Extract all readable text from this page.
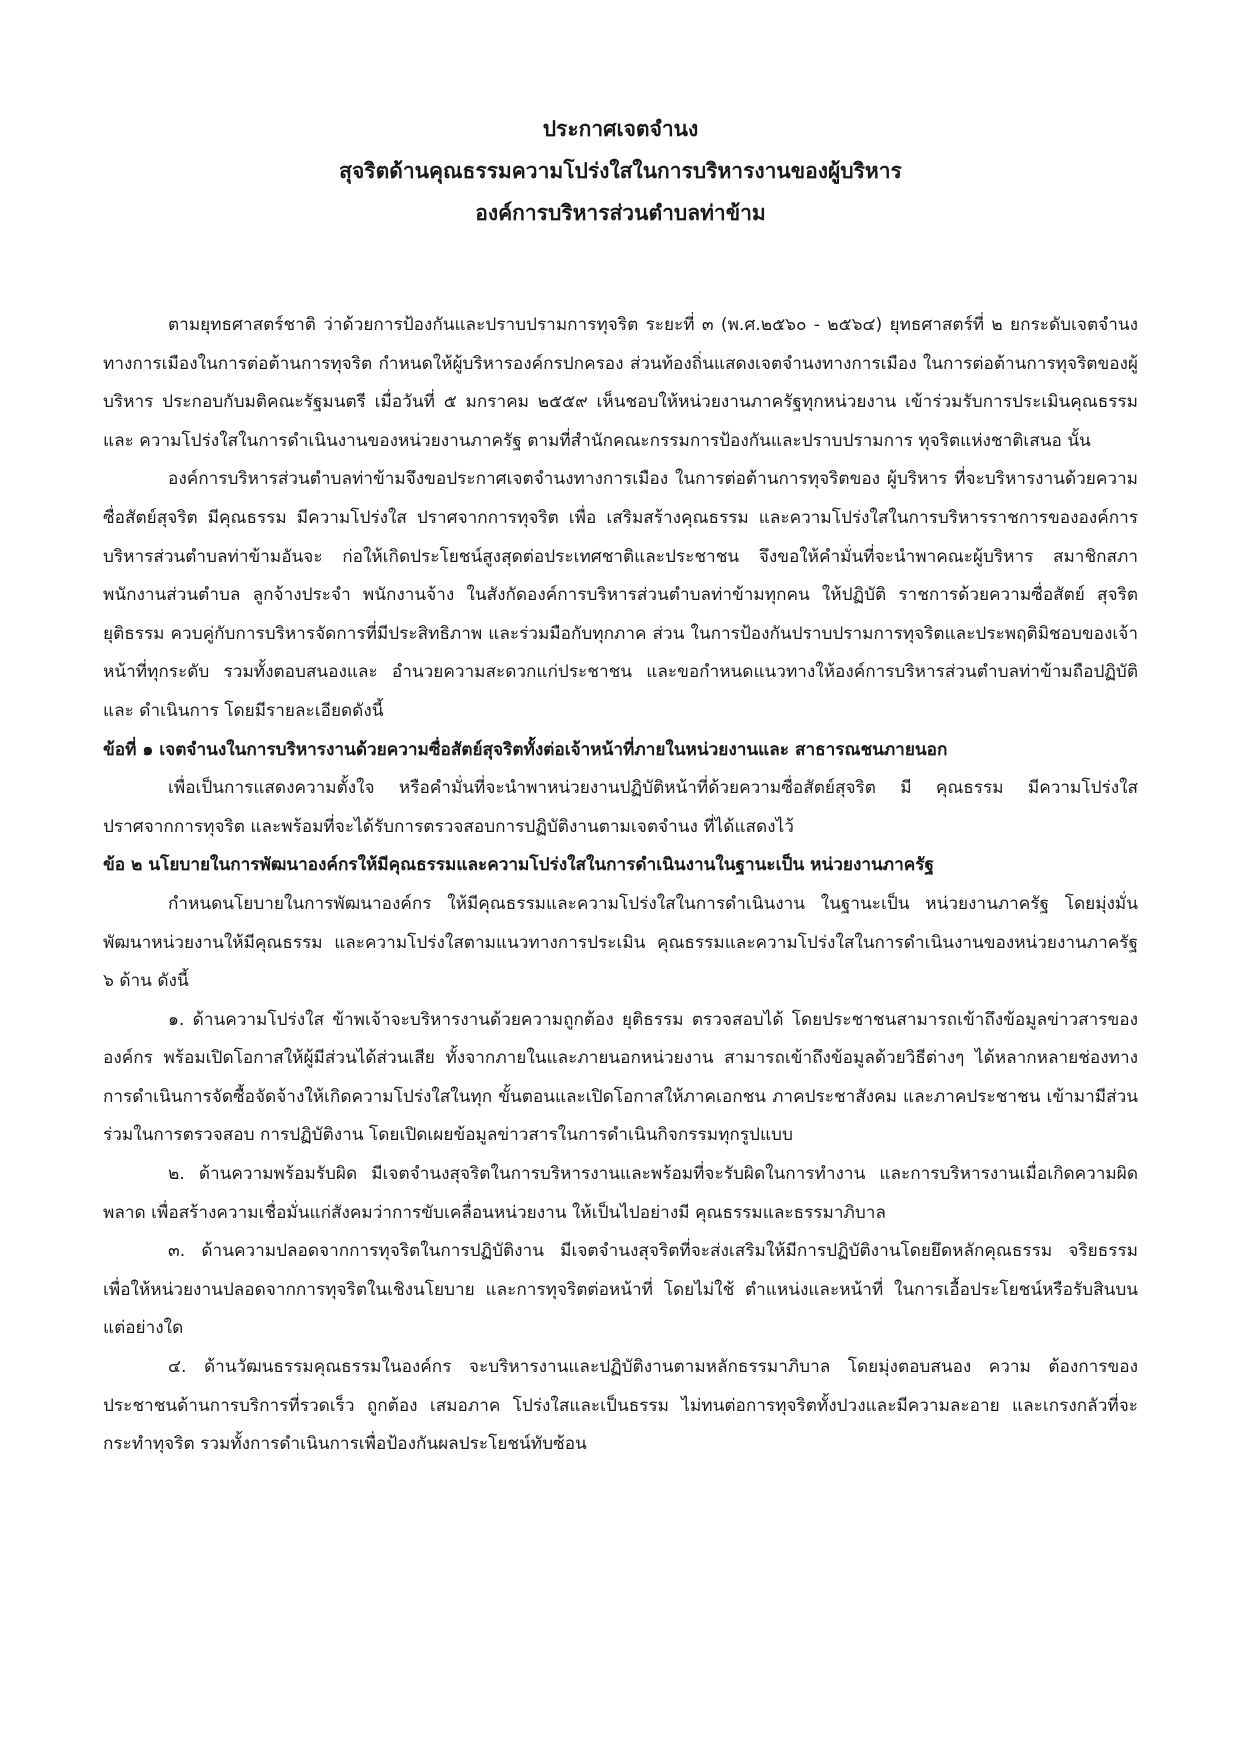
ประกาศเจตจำนง
สุจริตด้านคุณธรรมความโปร่งใสในการบริหารงานของผู้บริหาร
องค์การบริหารส่วนตำบลท่าข้าม

ตามยุทธศาสตร์ชาติ ว่าด้วยการป้องกันและปราบปรามการทุจริต ระยะที่ ๓ (พ.ศ.๒๕๖๐ - ๒๕๖๔) ยุทธศาสตร์ที่ ๒ ยกระดับเจตจำนงทางการเมืองในการต่อต้านการทุจริต กำหนดให้ผู้บริหารองค์กรปกครอง ส่วนท้องถิ่นแสดงเจตจำนงทางการเมือง ในการต่อต้านการทุจริตของผู้บริหาร ประกอบกับมติคณะรัฐมนตรี เมื่อวันที่ ๕ มกราคม ๒๕๕๙ เห็นชอบให้หน่วยงานภาครัฐทุกหน่วยงาน เข้าร่วมรับการประเมินคุณธรรม และ ความโปร่งใสในการดำเนินงานของหน่วยงานภาครัฐ ตามที่สำนักคณะกรรมการป้องกันและปราบปรามการ ทุจริตแห่งชาติเสนอ นั้น

องค์การบริหารส่วนตำบลท่าข้ามจึงขอประกาศเจตจำนงทางการเมือง ในการต่อต้านการทุจริตของ ผู้บริหาร ที่จะบริหารงานด้วยความซื่อสัตย์สุจริต มีคุณธรรม มีความโปร่งใส ปราศจากการทุจริต เพื่อ เสริมสร้างคุณธรรม และความโปร่งใสในการบริหารราชการขององค์การบริหารส่วนตำบลท่าข้ามอันจะ ก่อให้เกิดประโยชน์สูงสุดต่อประเทศชาติและประชาชน จึงขอให้คำมั่นที่จะนำพาคณะผู้บริหาร สมาชิกสภา พนักงานส่วนตำบล ลูกจ้างประจำ พนักงานจ้าง ในสังกัดองค์การบริหารส่วนตำบลท่าข้ามทุกคน ให้ปฏิบัติ ราชการด้วยความซื่อสัตย์ สุจริต ยุติธรรม ควบคู่กับการบริหารจัดการที่มีประสิทธิภาพ และร่วมมือกับทุกภาค ส่วน ในการป้องกันปราบปรามการทุจริตและประพฤติมิชอบของเจ้าหน้าที่ทุกระดับ รวมทั้งตอบสนองและ อำนวยความสะดวกแก่ประชาชน และขอกำหนดแนวทางให้องค์การบริหารส่วนตำบลท่าข้ามถือปฏิบัติและ ดำเนินการ โดยมีรายละเอียดดังนี้

ข้อที่ ๑ เจตจำนงในการบริหารงานด้วยความซื่อสัตย์สุจริตทั้งต่อเจ้าหน้าที่ภายในหน่วยงานและ สาธารณชนภายนอก

เพื่อเป็นการแสดงความตั้งใจ หรือคำมั่นที่จะนำพาหน่วยงานปฏิบัติหน้าที่ด้วยความซื่อสัตย์สุจริต มี คุณธรรม มีความโปร่งใส ปราศจากการทุจริต และพร้อมที่จะได้รับการตรวจสอบการปฏิบัติงานตามเจตจำนง ที่ได้แสดงไว้

ข้อ ๒ นโยบายในการพัฒนาองค์กรให้มีคุณธรรมและความโปร่งใสในการดำเนินงานในฐานะเป็น หน่วยงานภาครัฐ

กำหนดนโยบายในการพัฒนาองค์กร ให้มีคุณธรรมและความโปร่งใสในการดำเนินงาน ในฐานะเป็น หน่วยงานภาครัฐ โดยมุ่งมั่นพัฒนาหน่วยงานให้มีคุณธรรม และความโปร่งใสตามแนวทางการประเมิน คุณธรรมและความโปร่งใสในการดำเนินงานของหน่วยงานภาครัฐ ๖ ด้าน ดังนี้

๑. ด้านความโปร่งใส ข้าพเจ้าจะบริหารงานด้วยความถูกต้อง ยุติธรรม ตรวจสอบได้ โดยประชาชนสามารถเข้าถึงข้อมูลข่าวสารขององค์กร พร้อมเปิดโอกาสให้ผู้มีส่วนได้ส่วนเสีย ทั้งจากภายในและภายนอกหน่วยงาน สามารถเข้าถึงข้อมูลด้วยวิธีต่างๆ ได้หลากหลายช่องทาง การดำเนินการจัดซื้อจัดจ้างให้เกิดความโปร่งใสในทุก ขั้นตอนและเปิดโอกาสให้ภาคเอกชน ภาคประชาสังคม และภาคประชาชน เข้ามามีส่วนร่วมในการตรวจสอบ การปฏิบัติงาน โดยเปิดเผยข้อมูลข่าวสารในการดำเนินกิจกรรมทุกรูปแบบ

๒. ด้านความพร้อมรับผิด มีเจตจำนงสุจริตในการบริหารงานและพร้อมที่จะรับผิดในการทำงาน และการบริหารงานเมื่อเกิดความผิดพลาด เพื่อสร้างความเชื่อมั่นแก่สังคมว่าการขับเคลื่อนหน่วยงาน ให้เป็นไปอย่างมี คุณธรรมและธรรมาภิบาล

๓. ด้านความปลอดจากการทุจริตในการปฏิบัติงาน มีเจตจำนงสุจริตที่จะส่งเสริมให้มีการปฏิบัติงานโดยยึดหลักคุณธรรม จริยธรรม เพื่อให้หน่วยงานปลอดจากการทุจริตในเชิงนโยบาย และการทุจริตต่อหน้าที่ โดยไม่ใช้ ตำแหน่งและหน้าที่ ในการเอื้อประโยชน์หรือรับสินบนแต่อย่างใด

๔. ด้านวัฒนธรรมคุณธรรมในองค์กร จะบริหารงานและปฏิบัติงานตามหลักธรรมาภิบาล โดยมุ่งตอบสนอง ความ ต้องการของประชาชนด้านการบริการที่รวดเร็ว ถูกต้อง เสมอภาค โปร่งใสและเป็นธรรม ไม่ทนต่อการทุจริตทั้งปวงและมีความละอาย และเกรงกลัวที่จะกระทำทุจริต รวมทั้งการดำเนินการเพื่อป้องกันผลประโยชน์ทับซ้อน
